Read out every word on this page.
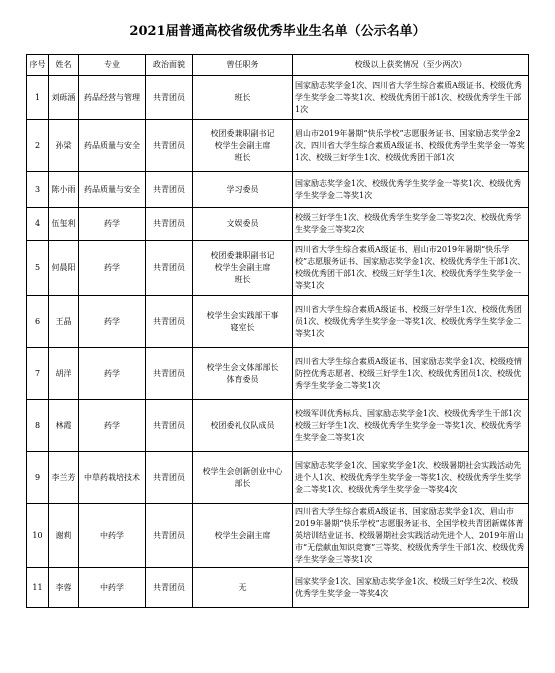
2021届普通高校省级优秀毕业生名单（公示名单）
序号	姓名	专业	政治面貌	曾任职务	校级以上获奖情况（至少两次）
1	刘砾涵	药品经营与管理	共青团员	班长	国家励志奖学金1次、四川省大学生综合素质A级证书、校级优秀学生奖学金二等奖1次、校级优秀团干部1次、校级优秀学生干部1次
2	孙梁	药品质量与安全	共青团员	校团委兼职副书记
校学生会副主席
班长	眉山市2019年暑期“快乐学校”志愿服务证书、国家励志奖学金2次、四川省大学生综合素质A级证书、校级优秀学生奖学金一等奖1次、校级三好学生1次、校级优秀团干部1次
3	陈小雨	药品质量与安全	共青团员	学习委员	国家励志奖学金1次、校级优秀学生奖学金一等奖1次、校级优秀学生奖学金二等奖1次
4	伍玺利	药学	共青团员	文娱委员	校级三好学生1次、校级优秀学生奖学金二等奖2次、校级优秀学生奖学金三等奖2次
5	何晨阳	药学	共青团员	校团委兼职副书记
校学生会副主席
班长	四川省大学生综合素质A级证书、眉山市2019年暑期“快乐学校”志愿服务证书、国家励志奖学金1次、校级优秀学生干部1次、校级优秀团干部1次、校级三好学生1次、校级优秀学生奖学金一等奖1次
6	王晶	药学	共青团员	校学生会实践部干事
寝室长	四川省大学生综合素质A级证书、校级三好学生1次、校级优秀团员1次、校级优秀学生奖学金一等奖1次、校级优秀学生奖学金二等奖1次
7	胡洋	药学	共青团员	校学生会文体部部长
体育委员	四川省大学生综合素质A级证书、国家励志奖学金1次、校级疫情防控优秀志愿者、校级三好学生1次、校级优秀团员1次、校级优秀学生奖学金二等奖1次
8	林霞	药学	共青团员	校团委礼仪队成员	校级军训优秀标兵、国家励志奖学金1次、校级优秀学生干部1次校级三好学生1次、校级优秀学生奖学金一等奖1次、校级优秀学生奖学金二等奖1次
9	李兰芳	中草药栽培技术	共青团员	校学生会创新创业中心
部长	国家励志奖学金1次、国家奖学金1次、校级暑期社会实践活动先进个人1次、校级优秀学生奖学金一等奖1次、校级优秀学生奖学金二等奖1次、校级优秀学生奖学金一等奖4次
10	谢莉	中药学	共青团员	校学生会副主席	四川省大学生综合素质A级证书、国家励志奖学金1次、眉山市2019年暑期“快乐学校”志愿服务证书、全国学校共青团新媒体菁英培训结业证书、校级暑期社会实践活动先进个人、2019年眉山市“无偿献血知识竞赛”三等奖、校级优秀学生干部1次、校级优秀学生奖学金三等奖1次
11	李蓉	中药学	共青团员	无	国家奖学金1次、国家励志奖学金1次、校级三好学生2次、校级优秀学生奖学金一等奖4次
